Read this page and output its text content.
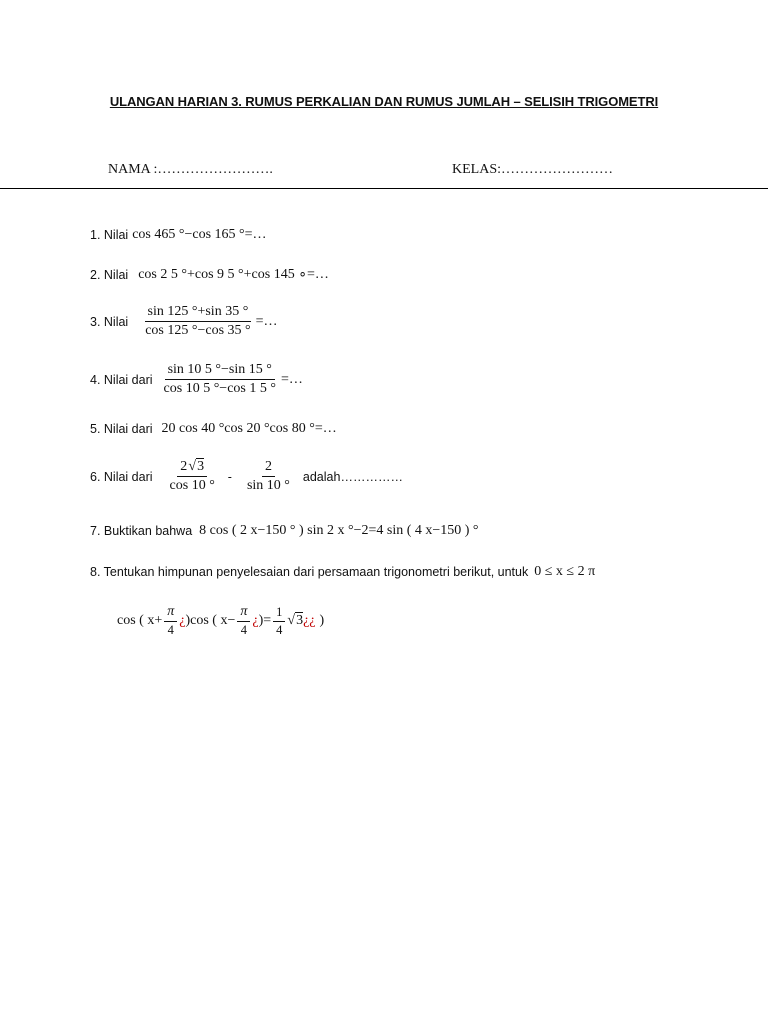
ULANGAN HARIAN 3. RUMUS PERKALIAN DAN RUMUS JUMLAH – SELISIH TRIGOMETRI
NAMA :…………………….	KELAS:……………………
1. Nilai cos 465 °−cos 165 °=…
2. Nilai cos 2 5 °+cos 9 5 °+cos 145 ∘=…
3. Nilai $\frac{\sin 125 ^\circ+\sin 35 ^\circ}{\cos 125 ^\circ-\cos 35 ^\circ}$ =…
4. Nilai dari $\frac{\sin 10 5 ^\circ-\sin 15 ^\circ}{\cos 10 5 ^\circ-\cos 1 5 ^\circ}$ =…
5. Nilai dari 20 cos 40 °cos 20 °cos 80 °=…
6. Nilai dari $\frac{2 √3}{\cos 10 ^\circ} - \frac{2}{\sin 10 ^\circ}$ adalah……………
7. Buktikan bahwa 8 cos ( 2 x−150 ° ) sin 2 x °−2=4 sin ( 4 x−150 ) °
8. Tentukan himpunan penyelesaian dari persamaan trigonometri berikut, untuk 0 ≤ x ≤ 2 π
cos ( $x+ \frac{\pi}{4}$ ¿ )cos ( $x- \frac{\pi}{4}$ ¿ )= $\frac{1}{4} √3$ ¿¿ )
